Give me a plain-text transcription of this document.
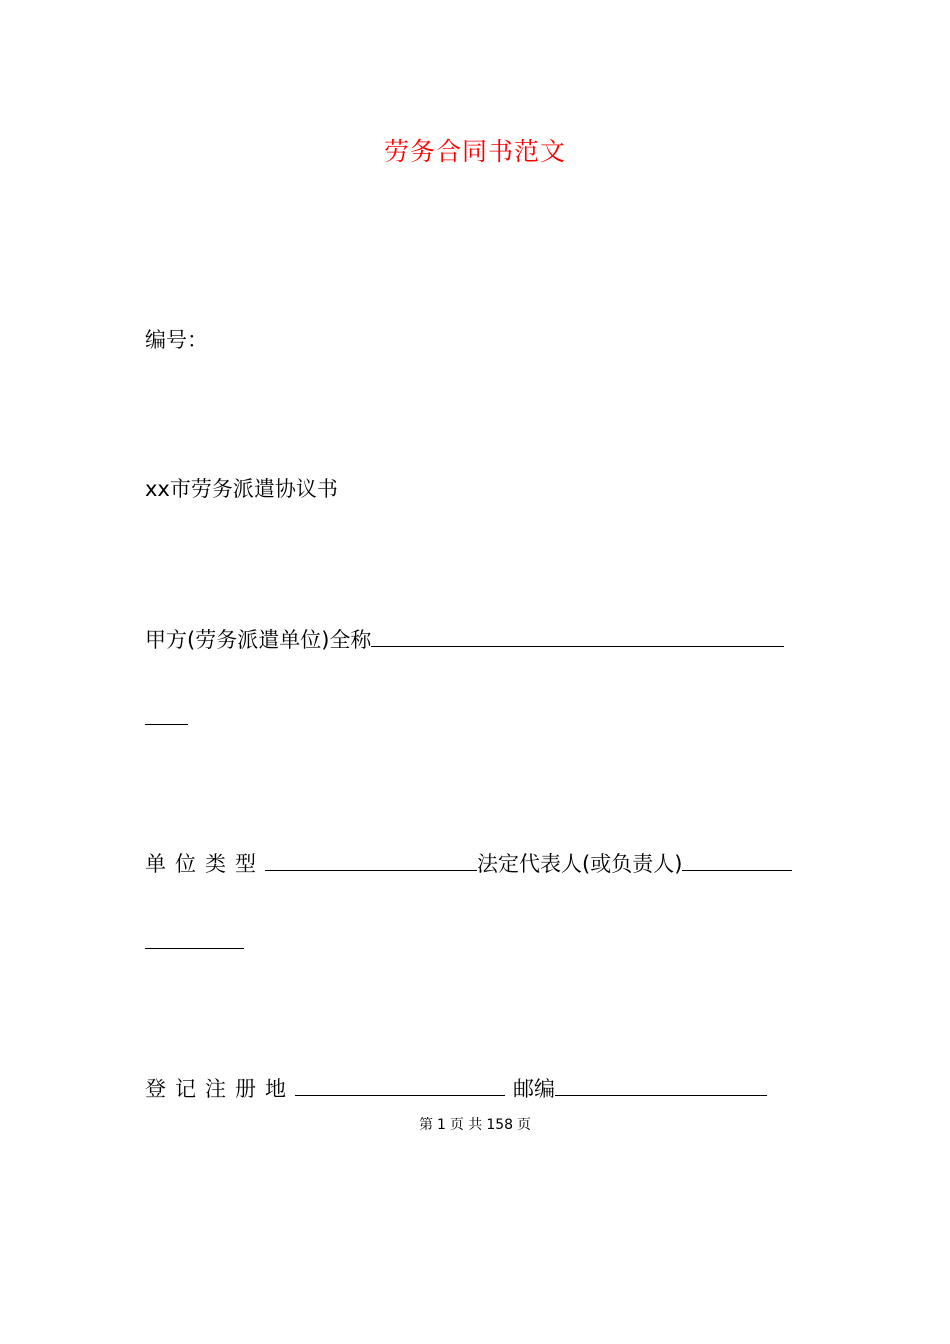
劳务合同书范文
编号：
xx市劳务派遣协议书
甲方(劳务派遣单位)全称
单位类型	法定代表人(或负责人)
登记注册地	邮编
第 1 页 共 158 页
